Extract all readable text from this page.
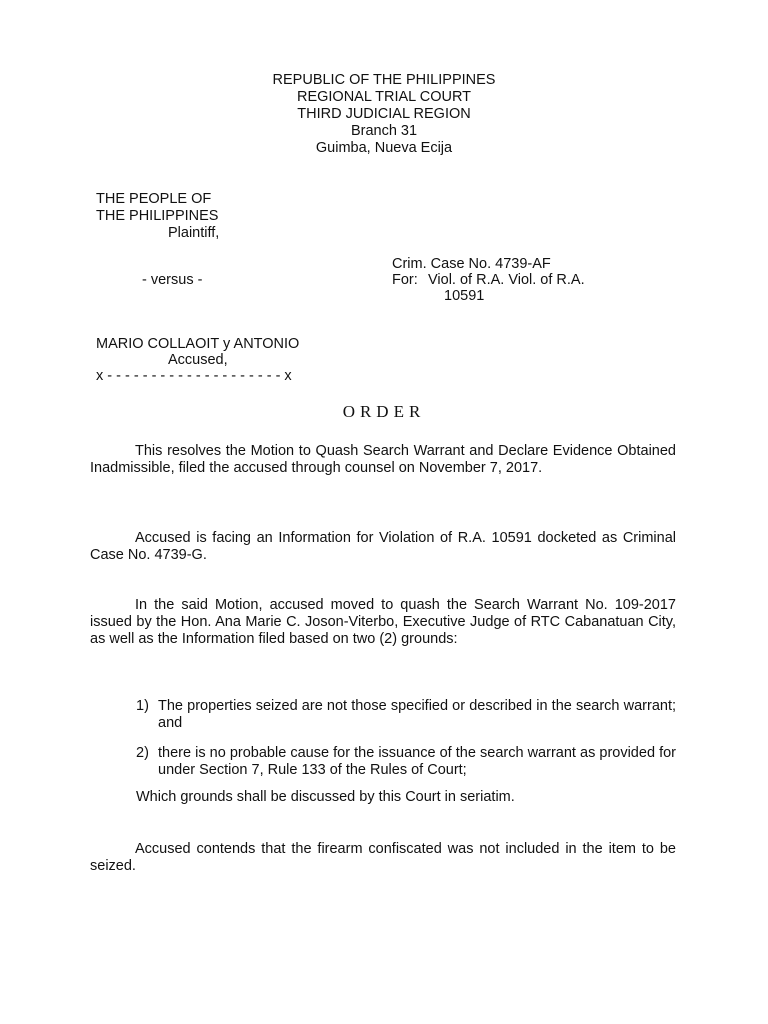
REPUBLIC OF THE PHILIPPINES
REGIONAL TRIAL COURT
THIRD JUDICIAL REGION
Branch 31
Guimba, Nueva Ecija
THE PEOPLE OF
THE PHILIPPINES
Plaintiff,
Crim. Case No. 4739-AF
For: Viol. of R.A. Viol. of R.A.
10591
- versus -
MARIO COLLAOIT y ANTONIO
Accused,
x - - - - - - - - - - - - - - - - - - - - x
ORDER
This resolves the Motion to Quash Search Warrant and Declare Evidence Obtained Inadmissible, filed the accused through counsel on November 7, 2017.
Accused is facing an Information for Violation of R.A. 10591 docketed as Criminal Case No. 4739-G.
In the said Motion, accused moved to quash the Search Warrant No. 109-2017 issued by the Hon. Ana Marie C. Joson-Viterbo, Executive Judge of RTC Cabanatuan City, as well as the Information filed based on two (2) grounds:
1) The properties seized are not those specified or described in the search warrant; and
2) there is no probable cause for the issuance of the search warrant as provided for under Section 7, Rule 133 of the Rules of Court;
Which grounds shall be discussed by this Court in seriatim.
Accused contends that the firearm confiscated was not included in the item to be seized.
